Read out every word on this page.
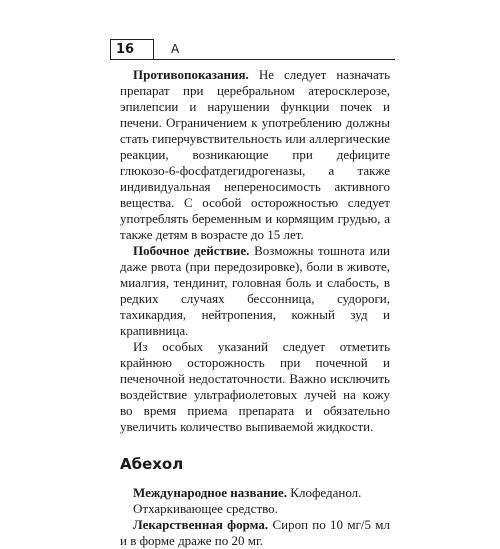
16	А

Противопоказания. Не следует назначать препарат при церебральном атеросклерозе, эпилепсии и нарушении функции почек и печени. Ограничением к употреблению должны стать гиперчувствительность или аллергические реакции, возникающие при дефиците глюкозо-6-фосфатдегидрогеназы, а также индивидуальная непереносимость активного вещества. С особой осторожностью следует употреблять беременным и кормящим грудью, а также детям в возрасте до 15 лет.

Побочное действие. Возможны тошнота или даже рвота (при передозировке), боли в животе, миалгия, тендинит, головная боль и слабость, в редких случаях бессонница, судороги, тахикардия, нейтропения, кожный зуд и крапивница.

Из особых указаний следует отметить крайнюю осторожность при почечной и печеночной недостаточности. Важно исключить воздействие ультрафиолетовых лучей на кожу во время приема препарата и обязательно увеличить количество выпиваемой жидкости.

Абехол

Международное название. Клофеданол.

Отхаркивающее средство.

Лекарственная форма. Сироп по 10 мг/5 мл и в форме драже по 20 мг.
